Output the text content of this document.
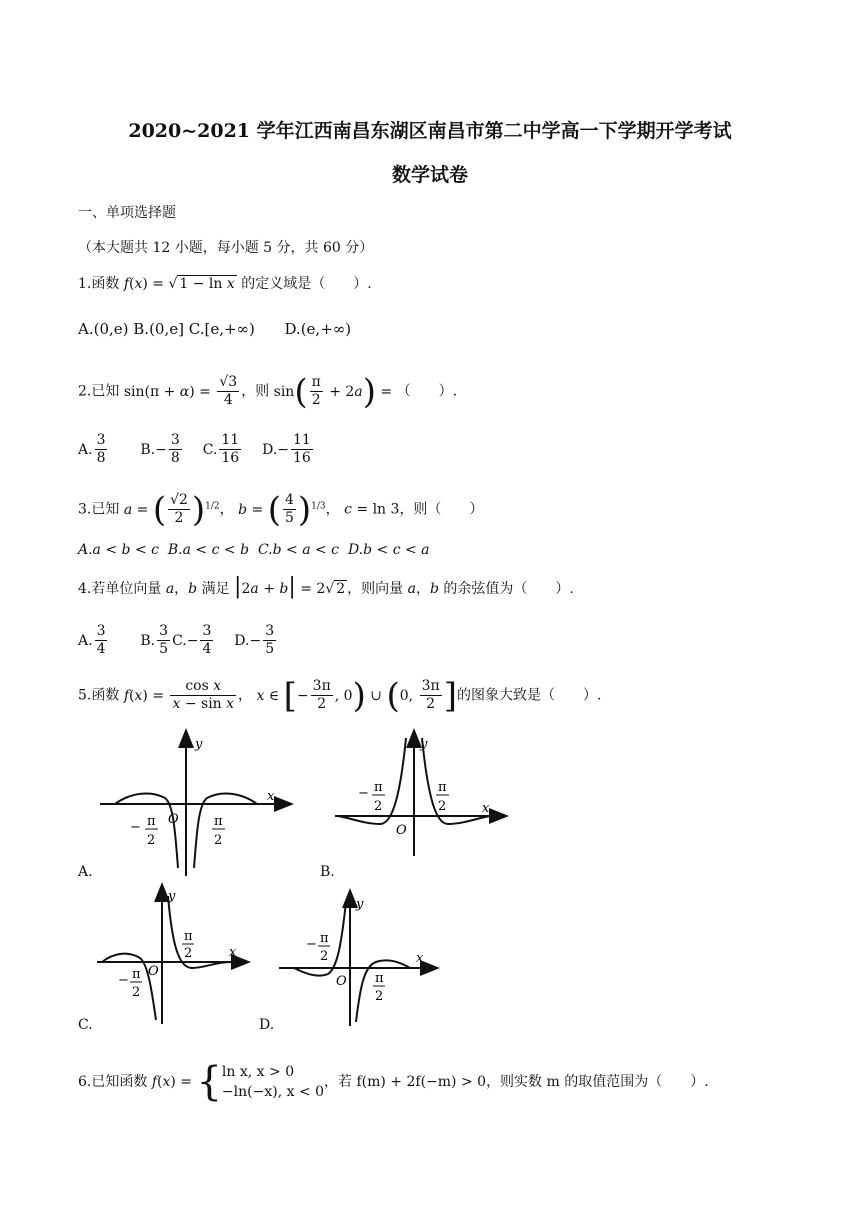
2020~2021 学年江西南昌东湖区南昌市第二中学高一下学期开学考试
数学试卷
一、单项选择题
（本大题共 12 小题，每小题 5 分，共 60 分）
1.函数 f(x) = √ 1 − ln x 的定义域是（　　）.
A.(0,e) B.(0,e] C.[e,+∞) D.(e,+∞)
2.已知 $\sin(\pi + \alpha) = \frac{√3}{4}$ ，则 $\sin( \frac{\pi}{2} + 2a)$ = （　　）.
A. $\frac{3}{8} B.- \frac{3}{8} C$. $\frac{11}{16} D.- \frac{11}{16}$
3.已知 a = ( $\frac{√2}{2} )^{1/2}$， b = ( $\frac{4}{5} )^{1/3}$， c = ln 3，则（　　）
A.a < b < c B.a < c < b C.b < a < c D.b < c < a
4.若单位向量 a，b 满足 |2a + b| = 2√ 2 ，则向量 a，b 的余弦值为（　　）.
A. $\frac{3}{4} B$. $\frac{3}{5} C.- \frac{3}{4} D.- \frac{3}{5}$
5.函数 $f(x) = \frac{\text{cos x}}{\text{x − sin x}}$ ， x ∈ [− $\frac{3\pi}{2}$ , 0) ∪ (0, $\frac{3\pi}{2}$ ]的图象大致是（　　）.
y
x
O
− π
2
π
2
A.
y
x
O
− π
2
π
2
B.
y
x
O
− π
2
π
2
C.
y
x
O
− π
2
π
2
D.
6.已知函数 f(x) = {ln x, x > 0
−ln(−x), x < 0，若 f(m) + 2f(−m) > 0，则实数 m 的取值范围为（　　）.
